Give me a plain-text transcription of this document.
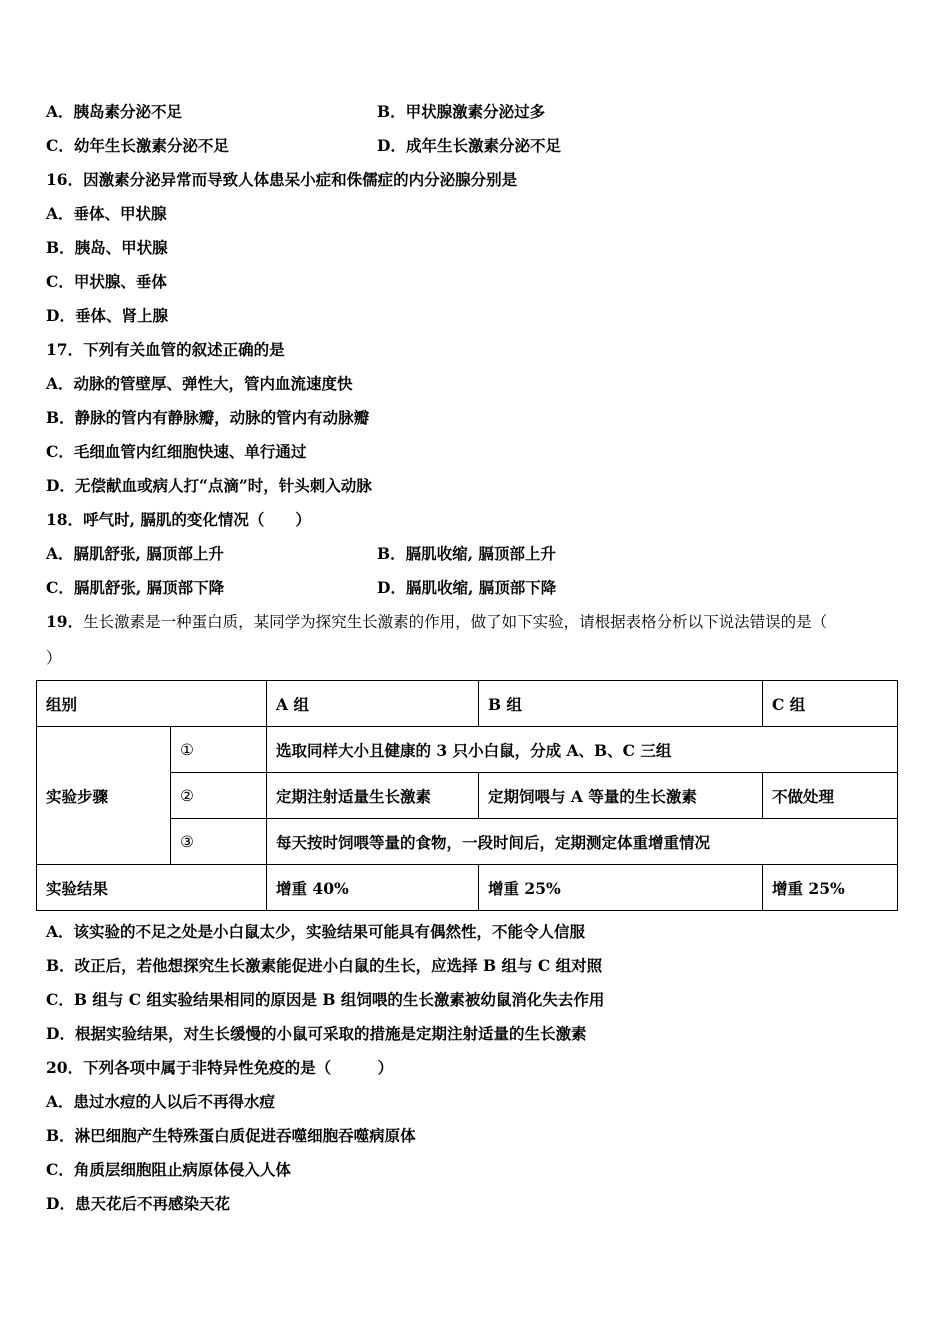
A．胰岛素分泌不足	B．甲状腺激素分泌过多
C．幼年生长激素分泌不足	D．成年生长激素分泌不足
16．因激素分泌异常而导致人体患呆小症和侏儒症的内分泌腺分别是
A．垂体、甲状腺
B．胰岛、甲状腺
C．甲状腺、垂体
D．垂体、肾上腺
17．下列有关血管的叙述正确的是
A．动脉的管壁厚、弹性大，管内血流速度快
B．静脉的管内有静脉瓣，动脉的管内有动脉瓣
C．毛细血管内红细胞快速、单行通过
D．无偿献血或病人打“点滴”时，针头刺入动脉
18．呼气时, 膈肌的变化情况（　　）
A．膈肌舒张, 膈顶部上升	B．膈肌收缩, 膈顶部上升
C．膈肌舒张, 膈顶部下降	D．膈肌收缩, 膈顶部下降
19．生长激素是一种蛋白质，某同学为探究生长激素的作用，做了如下实验，请根据表格分析以下说法错误的是（
）
组别		A 组	B 组	C 组
实验步骤	①	选取同样大小且健康的 3 只小白鼠，分成 A、B、C 三组		
	②	定期注射适量生长激素	定期饲喂与 A 等量的生长激素	不做处理
	③	每天按时饲喂等量的食物，一段时间后，定期测定体重增重情况		
实验结果		增重 40%	增重 25%	增重 25%
A．该实验的不足之处是小白鼠太少，实验结果可能具有偶然性，不能令人信服
B．改正后，若他想探究生长激素能促进小白鼠的生长，应选择 B 组与 C 组对照
C．B 组与 C 组实验结果相同的原因是 B 组饲喂的生长激素被幼鼠消化失去作用
D．根据实验结果，对生长缓慢的小鼠可采取的措施是定期注射适量的生长激素
20．下列各项中属于非特异性免疫的是（　　　）
A．患过水痘的人以后不再得水痘
B．淋巴细胞产生特殊蛋白质促进吞噬细胞吞噬病原体
C．角质层细胞阻止病原体侵入人体
D．患天花后不再感染天花
